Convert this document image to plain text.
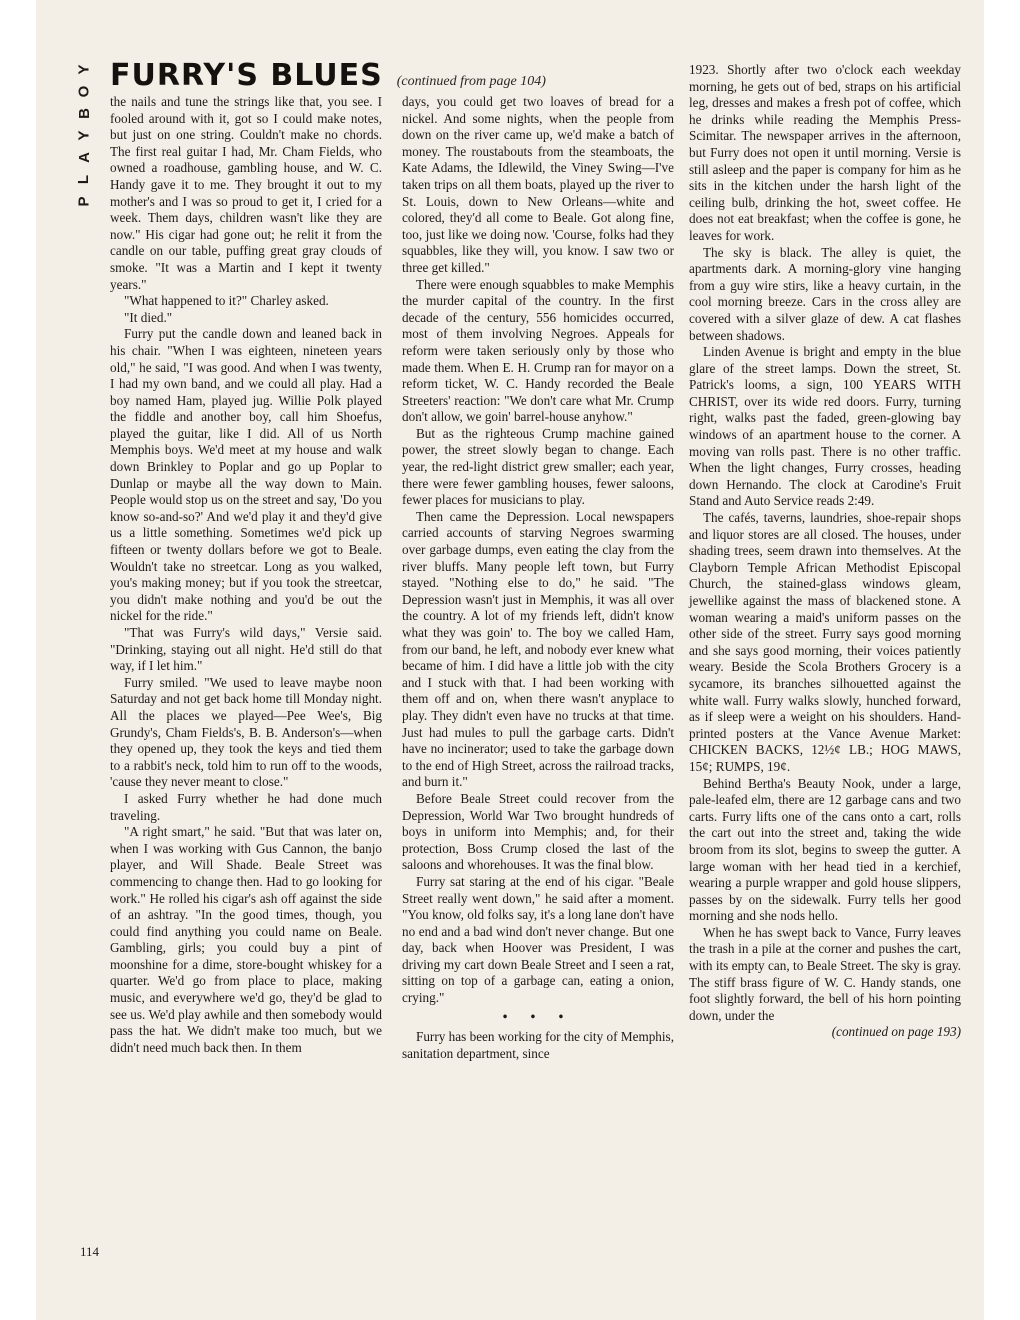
Y
O
B
Y
A
L
P
FURRY'S BLUES (continued from page 104)

the nails and tune the strings like that, you see. I fooled around with it, got so I could make notes, but just on one string. Couldn't make no chords. The first real guitar I had, Mr. Cham Fields, who owned a roadhouse, gambling house, and W. C. Handy gave it to me. They brought it out to my mother's and I was so proud to get it, I cried for a week. Them days, children wasn't like they are now." His cigar had gone out; he relit it from the candle on our table, puffing great gray clouds of smoke. "It was a Martin and I kept it twenty years."

"What happened to it?" Charley asked.

"It died."

Furry put the candle down and leaned back in his chair. "When I was eighteen, nineteen years old," he said, "I was good. And when I was twenty, I had my own band, and we could all play. Had a boy named Ham, played jug. Willie Polk played the fiddle and another boy, call him Shoefus, played the guitar, like I did. All of us North Memphis boys. We'd meet at my house and walk down Brinkley to Poplar and go up Poplar to Dunlap or maybe all the way down to Main. People would stop us on the street and say, 'Do you know so-and-so?' And we'd play it and they'd give us a little something. Sometimes we'd pick up fifteen or twenty dollars before we got to Beale. Wouldn't take no streetcar. Long as you walked, you's making money; but if you took the streetcar, you didn't make nothing and you'd be out the nickel for the ride."

"That was Furry's wild days," Versie said. "Drinking, staying out all night. He'd still do that way, if I let him."

Furry smiled. "We used to leave maybe noon Saturday and not get back home till Monday night. All the places we played—Pee Wee's, Big Grundy's, Cham Fields's, B. B. Anderson's—when they opened up, they took the keys and tied them to a rabbit's neck, told him to run off to the woods, 'cause they never meant to close."

I asked Furry whether he had done much traveling.

"A right smart," he said. "But that was later on, when I was working with Gus Cannon, the banjo player, and Will Shade. Beale Street was commencing to change then. Had to go looking for work." He rolled his cigar's ash off against the side of an ashtray. "In the good times, though, you could find anything you could name on Beale. Gambling, girls; you could buy a pint of moonshine for a dime, store-bought whiskey for a quarter. We'd go from place to place, making music, and everywhere we'd go, they'd be glad to see us. We'd play awhile and then somebody would pass the hat. We didn't make too much, but we didn't need much back then. In them

days, you could get two loaves of bread for a nickel. And some nights, when the people from down on the river came up, we'd make a batch of money. The roustabouts from the steamboats, the Kate Adams, the Idlewild, the Viney Swing—I've taken trips on all them boats, played up the river to St. Louis, down to New Orleans—white and colored, they'd all come to Beale. Got along fine, too, just like we doing now. 'Course, folks had they squabbles, like they will, you know. I saw two or three get killed."

There were enough squabbles to make Memphis the murder capital of the country. In the first decade of the century, 556 homicides occurred, most of them involving Negroes. Appeals for reform were taken seriously only by those who made them. When E. H. Crump ran for mayor on a reform ticket, W. C. Handy recorded the Beale Streeters' reaction: "We don't care what Mr. Crump don't allow, we goin' barrel-house anyhow."

But as the righteous Crump machine gained power, the street slowly began to change. Each year, the red-light district grew smaller; each year, there were fewer gambling houses, fewer saloons, fewer places for musicians to play.

Then came the Depression. Local newspapers carried accounts of starving Negroes swarming over garbage dumps, even eating the clay from the river bluffs. Many people left town, but Furry stayed. "Nothing else to do," he said. "The Depression wasn't just in Memphis, it was all over the country. A lot of my friends left, didn't know what they was goin' to. The boy we called Ham, from our band, he left, and nobody ever knew what became of him. I did have a little job with the city and I stuck with that. I had been working with them off and on, when there wasn't anyplace to play. They didn't even have no trucks at that time. Just had mules to pull the garbage carts. Didn't have no incinerator; used to take the garbage down to the end of High Street, across the railroad tracks, and burn it."

Before Beale Street could recover from the Depression, World War Two brought hundreds of boys in uniform into Memphis; and, for their protection, Boss Crump closed the last of the saloons and whorehouses. It was the final blow.

Furry sat staring at the end of his cigar. "Beale Street really went down," he said after a moment. "You know, old folks say, it's a long lane don't have no end and a bad wind don't never change. But one day, back when Hoover was President, I was driving my cart down Beale Street and I seen a rat, sitting on top of a garbage can, eating a onion, crying."

• • •

Furry has been working for the city of Memphis, sanitation department, since

1923. Shortly after two o'clock each weekday morning, he gets out of bed, straps on his artificial leg, dresses and makes a fresh pot of coffee, which he drinks while reading the Memphis Press-Scimitar. The newspaper arrives in the afternoon, but Furry does not open it until morning. Versie is still asleep and the paper is company for him as he sits in the kitchen under the harsh light of the ceiling bulb, drinking the hot, sweet coffee. He does not eat breakfast; when the coffee is gone, he leaves for work.

The sky is black. The alley is quiet, the apartments dark. A morning-glory vine hanging from a guy wire stirs, like a heavy curtain, in the cool morning breeze. Cars in the cross alley are covered with a silver glaze of dew. A cat flashes between shadows.

Linden Avenue is bright and empty in the blue glare of the street lamps. Down the street, St. Patrick's looms, a sign, 100 YEARS WITH CHRIST, over its wide red doors. Furry, turning right, walks past the faded, green-glowing bay windows of an apartment house to the corner. A moving van rolls past. There is no other traffic. When the light changes, Furry crosses, heading down Hernando. The clock at Carodine's Fruit Stand and Auto Service reads 2:49.

The cafés, taverns, laundries, shoe-repair shops and liquor stores are all closed. The houses, under shading trees, seem drawn into themselves. At the Clayborn Temple African Methodist Episcopal Church, the stained-glass windows gleam, jewellike against the mass of blackened stone. A woman wearing a maid's uniform passes on the other side of the street. Furry says good morning and she says good morning, their voices patiently weary. Beside the Scola Brothers Grocery is a sycamore, its branches silhouetted against the white wall. Furry walks slowly, hunched forward, as if sleep were a weight on his shoulders. Hand-printed posters at the Vance Avenue Market: CHICKEN BACKS, 12½¢ LB.; HOG MAWS, 15¢; RUMPS, 19¢.

Behind Bertha's Beauty Nook, under a large, pale-leafed elm, there are 12 garbage cans and two carts. Furry lifts one of the cans onto a cart, rolls the cart out into the street and, taking the wide broom from its slot, begins to sweep the gutter. A large woman with her head tied in a kerchief, wearing a purple wrapper and gold house slippers, passes by on the sidewalk. Furry tells her good morning and she nods hello.

When he has swept back to Vance, Furry leaves the trash in a pile at the corner and pushes the cart, with its empty can, to Beale Street. The sky is gray. The stiff brass figure of W. C. Handy stands, one foot slightly forward, the bell of his horn pointing down, under the

(continued on page 193)

114
